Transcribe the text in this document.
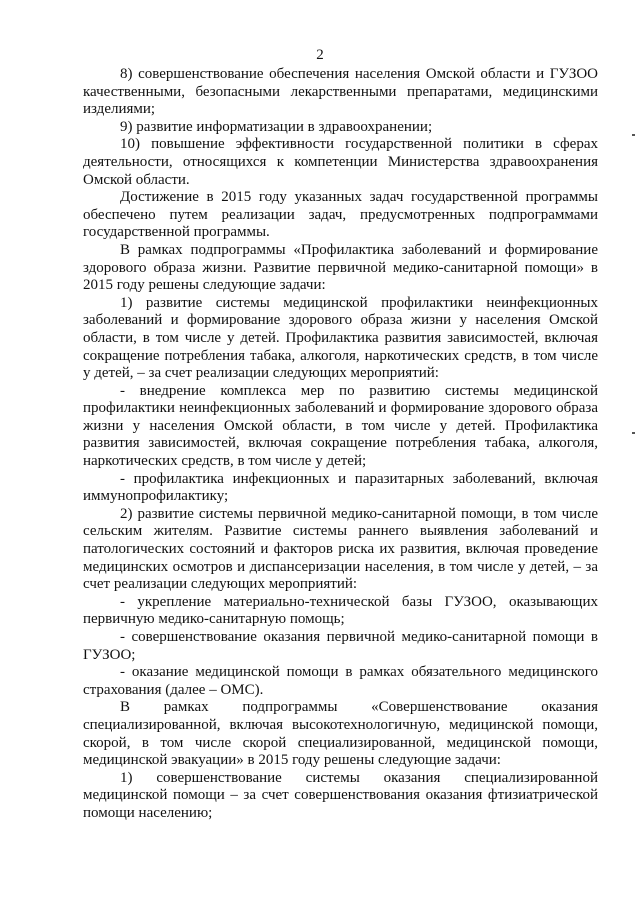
2

8) совершенствование обеспечения населения Омской области и ГУЗОО качественными, безопасными лекарственными препаратами, медицинскими изделиями;

9) развитие информатизации в здравоохранении;

10) повышение эффективности государственной политики в сферах деятельности, относящихся к компетенции Министерства здравоохранения Омской области.

Достижение в 2015 году указанных задач государственной программы обеспечено путем реализации задач, предусмотренных подпрограммами государственной программы.

В рамках подпрограммы «Профилактика заболеваний и формирование здорового образа жизни. Развитие первичной медико-санитарной помощи» в 2015 году решены следующие задачи:

1) развитие системы медицинской профилактики неинфекционных заболеваний и формирование здорового образа жизни у населения Омской области, в том числе у детей. Профилактика развития зависимостей, включая сокращение потребления табака, алкоголя, наркотических средств, в том числе у детей, – за счет реализации следующих мероприятий:

- внедрение комплекса мер по развитию системы медицинской профилактики неинфекционных заболеваний и формирование здорового образа жизни у населения Омской области, в том числе у детей. Профилактика развития зависимостей, включая сокращение потребления табака, алкоголя, наркотических средств, в том числе у детей;

- профилактика инфекционных и паразитарных заболеваний, включая иммунопрофилактику;

2) развитие системы первичной медико-санитарной помощи, в том числе сельским жителям. Развитие системы раннего выявления заболеваний и патологических состояний и факторов риска их развития, включая проведение медицинских осмотров и диспансеризации населения, в том числе у детей, – за счет реализации следующих мероприятий:

- укрепление материально-технической базы ГУЗОО, оказывающих первичную медико-санитарную помощь;

- совершенствование оказания первичной медико-санитарной помощи в ГУЗОО;

- оказание медицинской помощи в рамках обязательного медицинского страхования (далее – ОМС).

В рамках подпрограммы «Совершенствование оказания специализированной, включая высокотехнологичную, медицинской помощи, скорой, в том числе скорой специализированной, медицинской помощи, медицинской эвакуации» в 2015 году решены следующие задачи:

1) совершенствование системы оказания специализированной медицинской помощи – за счет совершенствования оказания фтизиатрической помощи населению;
